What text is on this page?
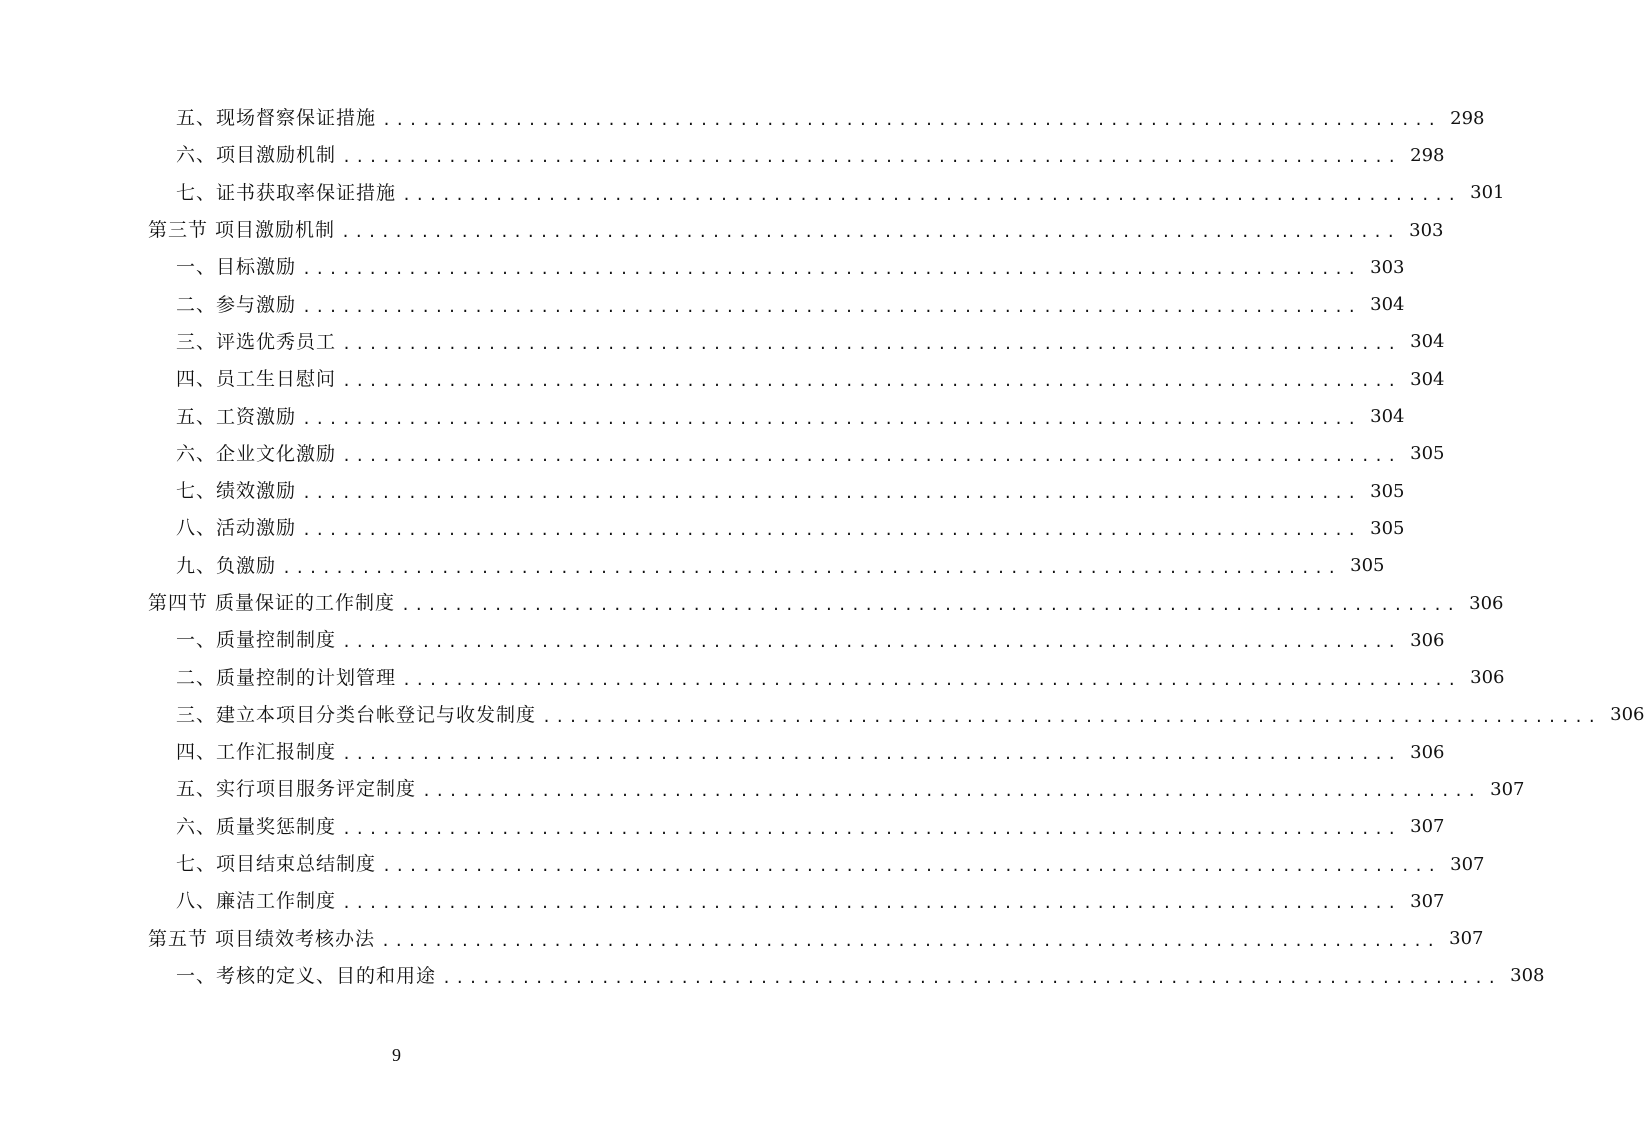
五、现场督察保证措施 ................................................................................ 298
六、项目激励机制 ................................................................................ 298
七、证书获取率保证措施 ................................................................................ 301
第三节 项目激励机制 ................................................................................ 303
一、目标激励 ................................................................................ 303
二、参与激励 ................................................................................ 304
三、评选优秀员工 ................................................................................ 304
四、员工生日慰问 ................................................................................ 304
五、工资激励 ................................................................................ 304
六、企业文化激励 ................................................................................ 305
七、绩效激励 ................................................................................ 305
八、活动激励 ................................................................................ 305
九、负激励 ................................................................................ 305
第四节 质量保证的工作制度 ................................................................................ 306
一、质量控制制度 ................................................................................ 306
二、质量控制的计划管理 ................................................................................ 306
三、建立本项目分类台帐登记与收发制度 ................................................................................ 306
四、工作汇报制度 ................................................................................ 306
五、实行项目服务评定制度 ................................................................................ 307
六、质量奖惩制度 ................................................................................ 307
七、项目结束总结制度 ................................................................................ 307
八、廉洁工作制度 ................................................................................ 307
第五节 项目绩效考核办法 ................................................................................ 307
一、考核的定义、目的和用途 ................................................................................ 308
9
